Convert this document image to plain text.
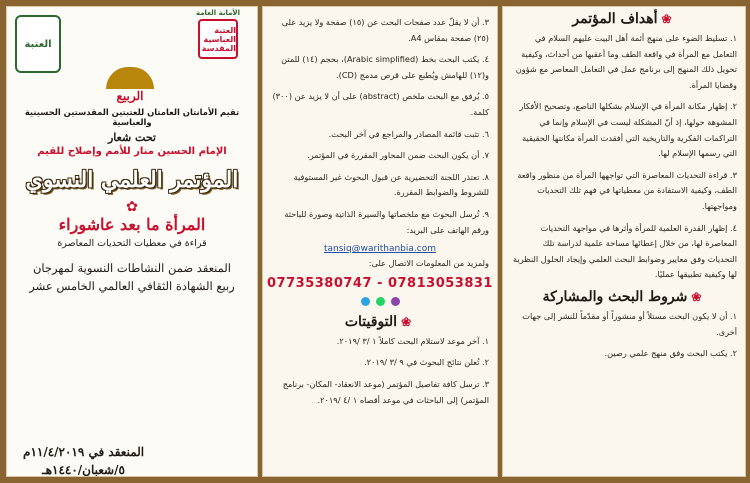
❀أهداف المؤتمر

١. تسليط الضوء على منهج أئمة أهل البيت عليهم السلام في التعامل مع المرأة في واقعة الطف وما أعقبها من أحداث، وكيفية تحويل ذلك المنهج إلى برنامج عمل في التعامل المعاصر مع شؤون وقضايا المرأة.

٢. إظهار مكانة المرأة في الإسلام بشكلها الناصع، وتصحيح الأفكار المشوهة حولها، إذ أنّ المشكلة ليست في الإسلام وإنما في التراكمات الفكرية والتاريخية التي أفقدت المرأة مكانتها الحقيقية التي رسمها الإسلام لها.

٣. قراءة التحديات المعاصرة التي تواجهها المرأة من منظور واقعة الطف، وكيفية الاستفادة من معطياتها في فهم تلك التحديات ومواجهتها.

٤. إظهار القدرة العلمية للمرأة وأثرها في مواجهة التحديات المعاصرة لها، من خلال إعطائها مساحة علمية لدراسة تلك التحديات وفق معايير وضوابط البحث العلمي وإيجاد الحلول النظرية لها وكيفية تطبيقها عمليًا.

❀شروط البحث والمشاركة

١. أن لا يكون البحث مستلاً أو منشوراً أو مقدّماً للنشر إلى جهات أخرى.

٢. يكتب البحث وفق منهج علمي رصين.

٣. أن لا يقلّ عدد صفحات البحث عن (١٥) صفحة ولا يزيد على (٢٥) صفحة بمقاس A4.

٤. يكتب البحث بخط (Arabic simplified)، بحجم (١٤) للمتن و(١٢) للهامش ويُطبع على قرص مدمج (CD).

٥. يُرفق مع البحث ملخص (abstract) على أن لا يزيد عن (٣٠٠) كلمة.

٦. تثبت قائمة المصادر والمراجع في آخر البحث.

٧. أن يكون البحث ضمن المحاور المقررة في المؤتمر.

٨. تعتذر اللجنة التحضيرية عن قبول البحوث غير المستوفية للشروط والضوابط المقررة.

٩. تُرسل البحوث مع ملخصاتها والسيرة الذاتية وصورة للباحثة ورقم الهاتف على البريد:

tansiq@warithanbia.com
ولمزيد من المعلومات الاتصال على:
07735380747 - 07813053831
❀التوقيتات

١. آخر موعد لاستلام البحث كاملاً ١ /٣ /٢٠١٩.

٢. تُعلن نتائج البحوث في ٩ /٣ /٢٠١٩.

٣. ترسل كافة تفاصيل المؤتمر (موعد الانعقاد- المكان- برنامج المؤتمر) إلى الباحثات في موعد أقصاه ١ /٤ /٢٠١٩.

العتبة
الأمانة العامة
العتبة العباسية المقدسة
الربيع
تقيم الأمانتان العامتان للعتبتين المقدستين الحسينية والعباسية
تحت شعار
الإمام الحسين منار للأمم وإصلاح للقيم
المؤتمر العلمي النسوي
✿
المرأة ما بعد عاشوراء
قراءة في معطيات التحديات المعاصرة
المنعقد ضمن النشاطات النسوية لمهرجان
ربيع الشهادة الثقافي العالمي الخامس عشر
المنعقد في ١١/٤/٢٠١٩م
٥/شعبان/١٤٤٠هـ
